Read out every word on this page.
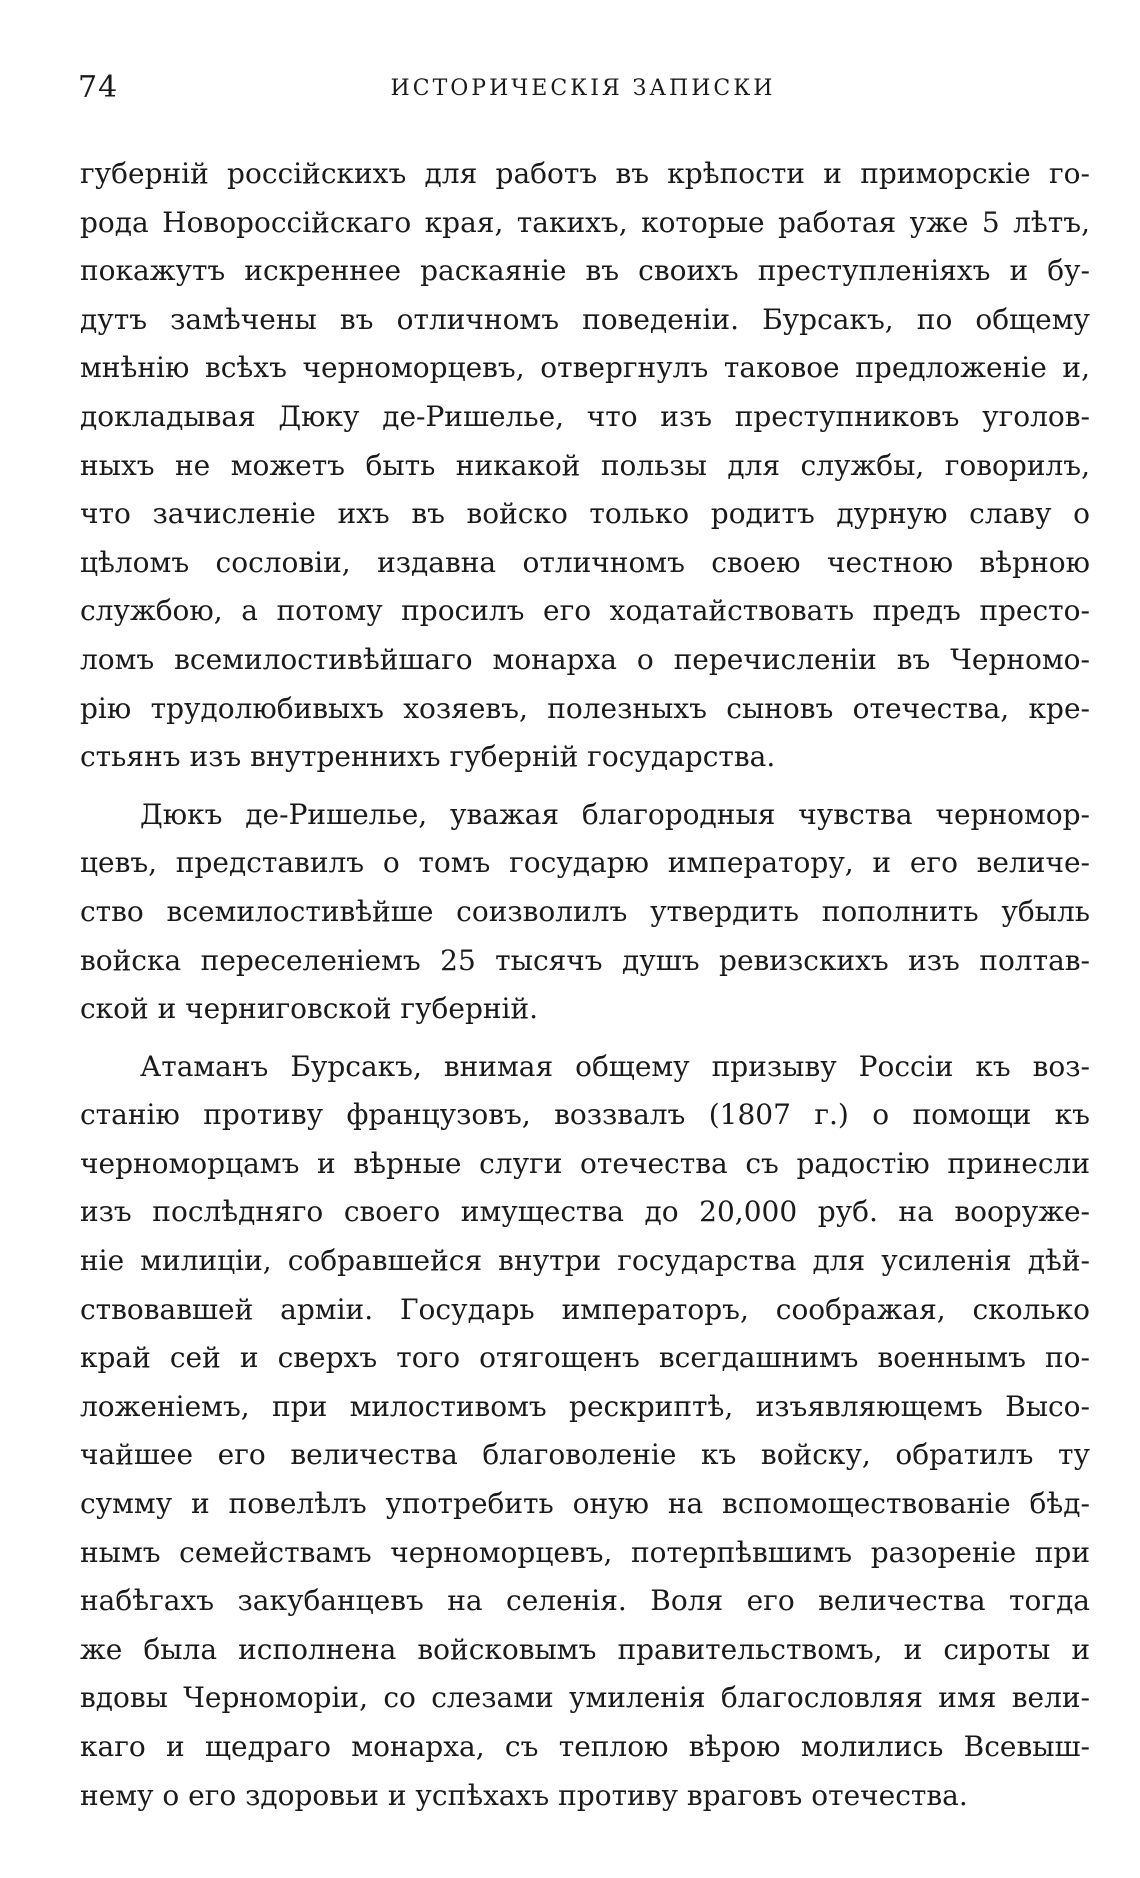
74	ИСТОРИЧЕСКІЯ ЗАПИСКИ

губерній россійскихъ для работъ въ крѣпости и приморскіе го-
рода Новороссійскаго края, такихъ, которые работая уже 5 лѣтъ,
покажутъ искреннее раскаяніе въ своихъ преступленіяхъ и бу-
дутъ замѣчены въ отличномъ поведеніи. Бурсакъ, по общему
мнѣнію всѣхъ черноморцевъ, отвергнулъ таковое предложеніе и,
докладывая Дюку де-Ришелье, что изъ преступниковъ уголов-
ныхъ не можетъ быть никакой пользы для службы, говорилъ,
что зачисленіе ихъ въ войско только родитъ дурную славу о
цѣломъ сословіи, издавна отличномъ своею честною вѣрною
службою, а потому просилъ его ходатайствовать предъ престо-
ломъ всемилостивѣйшаго монарха о перечисленіи въ Черномо-
рію трудолюбивыхъ хозяевъ, полезныхъ сыновъ отечества, кре-
стьянъ изъ внутреннихъ губерній государства.

Дюкъ де-Ришелье, уважая благородныя чувства черномор-
цевъ, представилъ о томъ государю императору, и его величе-
ство всемилостивѣйше соизволилъ утвердить пополнить убыль
войска переселеніемъ 25 тысячъ душъ ревизскихъ изъ полтав-
ской и черниговской губерній.

Атаманъ Бурсакъ, внимая общему призыву Россіи къ воз-
станію противу французовъ, воззвалъ (1807 г.) о помощи къ
черноморцамъ и вѣрные слуги отечества съ радостію принесли
изъ послѣдняго своего имущества до 20,000 руб. на вооруже-
ніе милиціи, собравшейся внутри государства для усиленія дѣй-
ствовавшей арміи. Государь императоръ, соображая, сколько
край сей и сверхъ того отягощенъ всегдашнимъ военнымъ по-
ложеніемъ, при милостивомъ рескриптѣ, изъявляющемъ Высо-
чайшее его величества благоволеніе къ войску, обратилъ ту
сумму и повелѣлъ употребить оную на вспомоществованіе бѣд-
нымъ семействамъ черноморцевъ, потерпѣвшимъ разореніе при
набѣгахъ закубанцевъ на селенія. Воля его величества тогда
же была исполнена войсковымъ правительствомъ, и сироты и
вдовы Черноморіи, со слезами умиленія благословляя имя вели-
каго и щедраго монарха, съ теплою вѣрою молились Всевыш-
нему о его здоровьи и успѣхахъ противу враговъ отечества.
